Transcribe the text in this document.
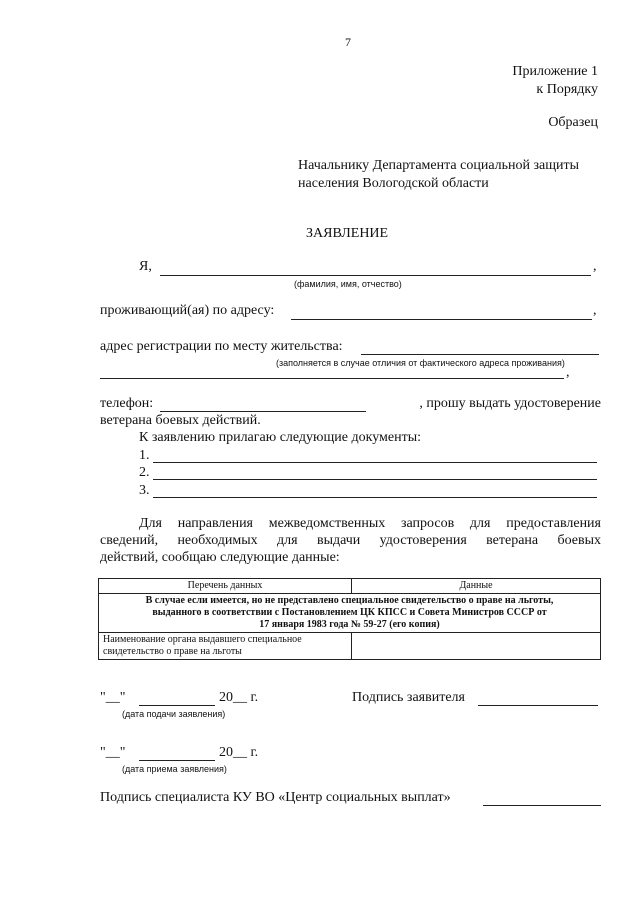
7
Приложение 1
к Порядку
Образец
Начальнику Департамента социальной защиты
населения Вологодской области
ЗАЯВЛЕНИЕ
Я,	,
(фамилия, имя, отчество)
проживающий(ая) по адресу:	,
адрес регистрации по месту жительства:
(заполняется в случае отличия от фактического адреса проживания)
,
телефон:	, прошу выдать удостоверение
ветерана боевых действий.
К заявлению прилагаю следующие документы:
1.
2.
3.
Для направления межведомственных запросов для предоставления
сведений, необходимых для выдачи удостоверения ветерана боевых
действий, сообщаю следующие данные:
Перечень данных	Данные

В случае если имеется, но не представлено специальное свидетельство о праве на льготы,
выданного в соответствии с Постановлением ЦК КПСС и Совета Министров СССР от
17 января 1983 года № 59-27 (его копия)	

Наименование органа выдавшего специальное
свидетельство о праве на льготы	

"__"	20__ г.
(дата подачи заявления)
Подпись заявителя
"__"	20__ г.
(дата приема заявления)
Подпись специалиста КУ ВО «Центр социальных выплат»
